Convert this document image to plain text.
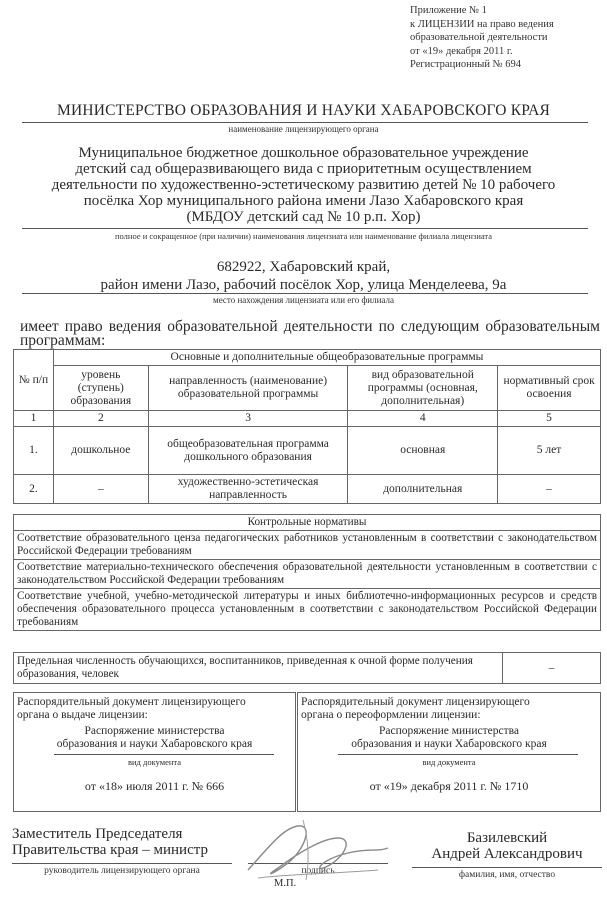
Приложение № 1
к ЛИЦЕНЗИИ на право ведения
образовательной деятельности
от «19» декабря 2011 г.
Регистрационный № 694
МИНИСТЕРСТВО ОБРАЗОВАНИЯ И НАУКИ ХАБАРОВСКОГО КРАЯ
наименование лицензирующего органа
Муниципальное бюджетное дошкольное образовательное учреждение
детский сад общеразвивающего вида с приоритетным осуществлением
деятельности по художественно-эстетическому развитию детей № 10 рабочего
посёлка Хор муниципального района имени Лазо Хабаровского края
(МБДОУ детский сад № 10 р.п. Хор)
полное и сокращенное (при наличии) наименования лицензиата или наименование филиала лицензиата
682922, Хабаровский край,
район имени Лазо, рабочий посёлок Хор, улица Менделеева, 9а
место нахождения лицензиата или его филиала
имеет право ведения образовательной деятельности по следующим образовательным программам:
№ п/п	Основные и дополнительные общеобразовательные программы			
	уровень (ступень) образования	направленность (наименование) образовательной программы	вид образовательной программы (основная, дополнительная)	нормативный срок освоения
1	2	3	4	5
1.	дошкольное	общеобразовательная программа дошкольного образования	основная	5 лет
2.	–	художественно-эстетическая направленность	дополнительная	–
Контрольные нормативы
Соответствие образовательного ценза педагогических работников установленным в соответствии с законодательством Российской Федерации требованиям
Соответствие материально-технического обеспечения образовательной деятельности установленным в соответствии с законодательством Российской Федерации требованиям
Соответствие учебной, учебно-методической литературы и иных библиотечно-информационных ресурсов и средств обеспечения образовательного процесса установленным в соответствии с законодательством Российской Федерации требованиям
Предельная численность обучающихся, воспитанников, приведенная к очной форме получения образования, человек	–
Распорядительный документ лицензирующего
органа о выдаче лицензии:
Распоряжение министерства
образования и науки Хабаровского края
вид документа
от «18» июля 2011 г. № 666
Распорядительный документ лицензирующего
органа о переоформлении лицензии:
Распоряжение министерства
образования и науки Хабаровского края
вид документа
от «19» декабря 2011 г. № 1710
Заместитель Председателя
Правительства края – министр
руководитель лицензирующего органа	подпись
М.П.
Базилевский
Андрей Александрович
фамилия, имя, отчество
